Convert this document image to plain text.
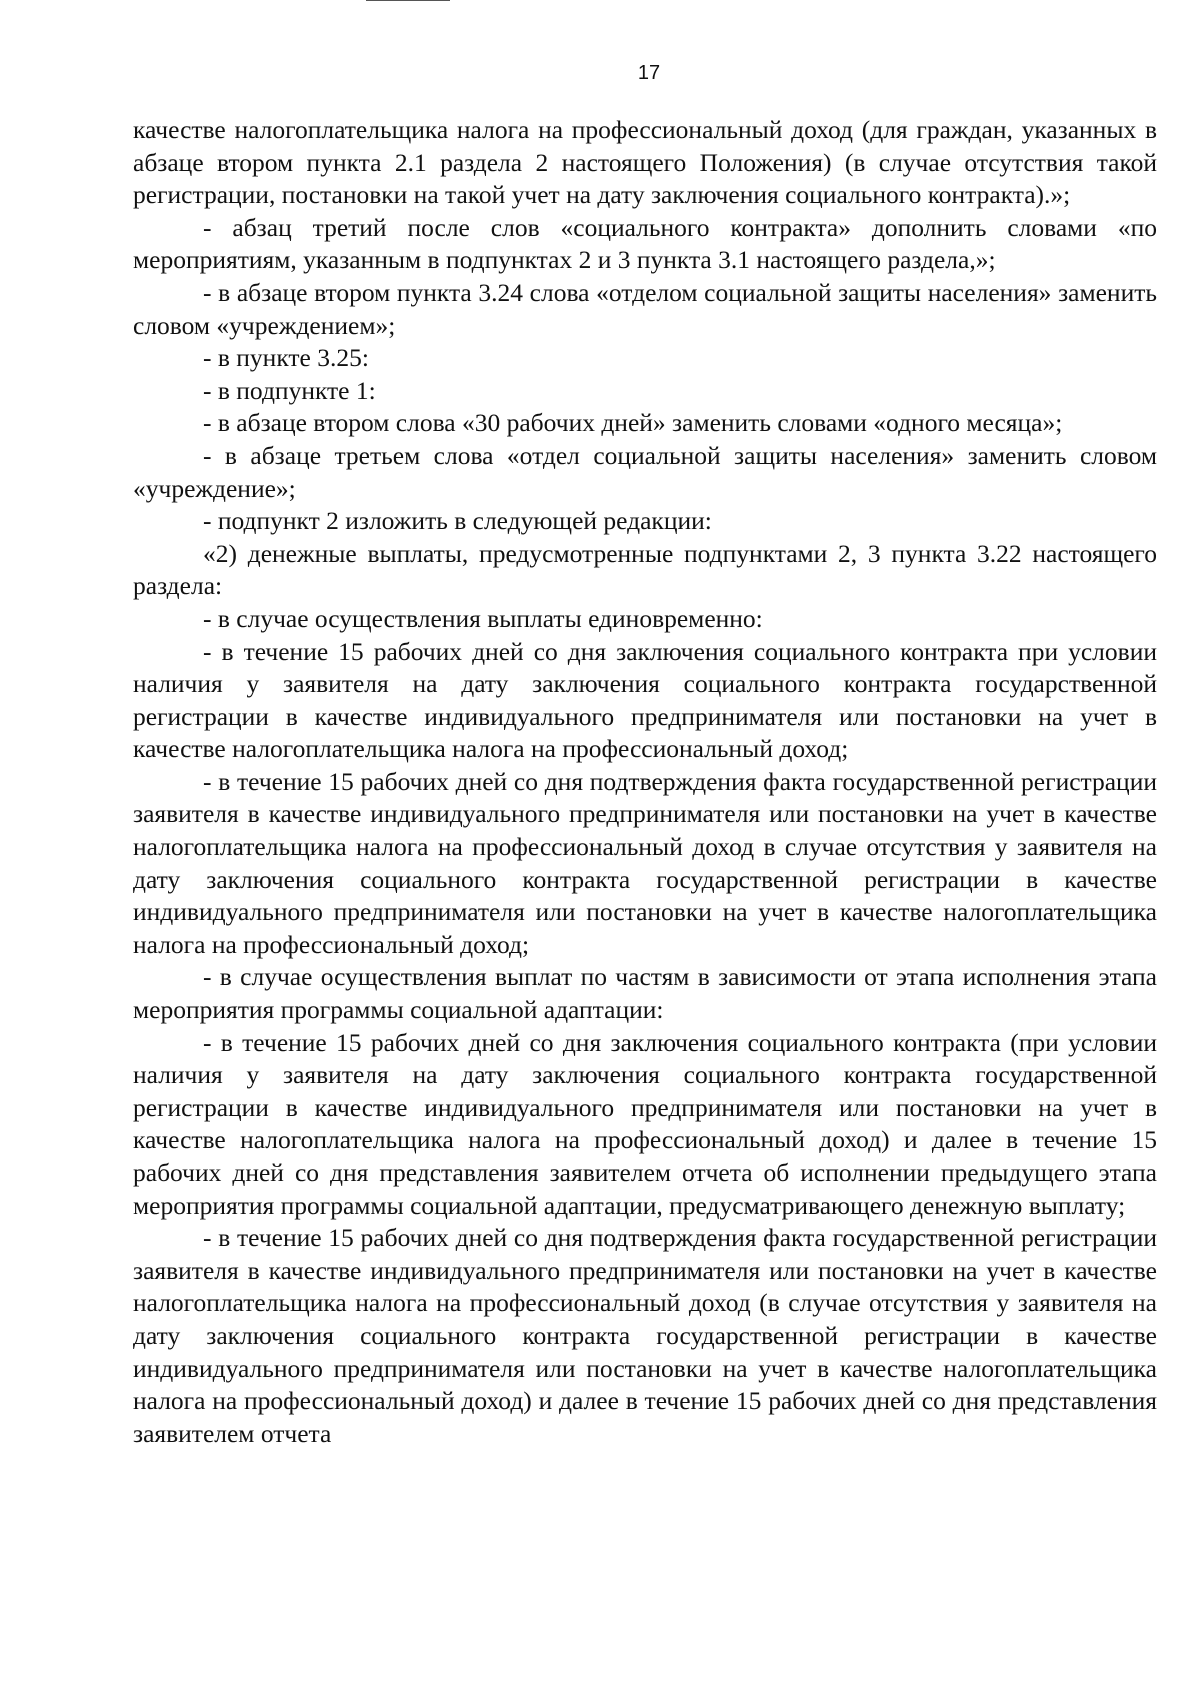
17

качестве налогоплательщика налога на профессиональный доход (для граждан, указанных в абзаце втором пункта 2.1 раздела 2 настоящего Положения) (в случае отсутствия такой регистрации, постановки на такой учет на дату заключения социального контракта).»;

- абзац третий после слов «социального контракта» дополнить словами «по мероприятиям, указанным в подпунктах 2 и 3 пункта 3.1 настоящего раздела,»;

- в абзаце втором пункта 3.24 слова «отделом социальной защиты населения» заменить словом «учреждением»;

- в пункте 3.25:

- в подпункте 1:

- в абзаце втором слова «30 рабочих дней» заменить словами «одного месяца»;

- в абзаце третьем слова «отдел социальной защиты населения» заменить словом «учреждение»;

- подпункт 2 изложить в следующей редакции:

«2) денежные выплаты, предусмотренные подпунктами 2, 3 пункта 3.22 настоящего раздела:

- в случае осуществления выплаты единовременно:

- в течение 15 рабочих дней со дня заключения социального контракта при условии наличия у заявителя на дату заключения социального контракта государственной регистрации в качестве индивидуального предпринимателя или постановки на учет в качестве налогоплательщика налога на профессиональный доход;

- в течение 15 рабочих дней со дня подтверждения факта государственной регистрации заявителя в качестве индивидуального предпринимателя или постановки на учет в качестве налогоплательщика налога на профессиональный доход в случае отсутствия у заявителя на дату заключения социального контракта государственной регистрации в качестве индивидуального предпринимателя или постановки на учет в качестве налогоплательщика налога на профессиональный доход;

- в случае осуществления выплат по частям в зависимости от этапа исполнения этапа мероприятия программы социальной адаптации:

- в течение 15 рабочих дней со дня заключения социального контракта (при условии наличия у заявителя на дату заключения социального контракта государственной регистрации в качестве индивидуального предпринимателя или постановки на учет в качестве налогоплательщика налога на профессиональный доход) и далее в течение 15 рабочих дней со дня представления заявителем отчета об исполнении предыдущего этапа мероприятия программы социальной адаптации, предусматривающего денежную выплату;

- в течение 15 рабочих дней со дня подтверждения факта государственной регистрации заявителя в качестве индивидуального предпринимателя или постановки на учет в качестве налогоплательщика налога на профессиональный доход (в случае отсутствия у заявителя на дату заключения социального контракта государственной регистрации в качестве индивидуального предпринимателя или постановки на учет в качестве налогоплательщика налога на профессиональный доход) и далее в течение 15 рабочих дней со дня представления заявителем отчета
